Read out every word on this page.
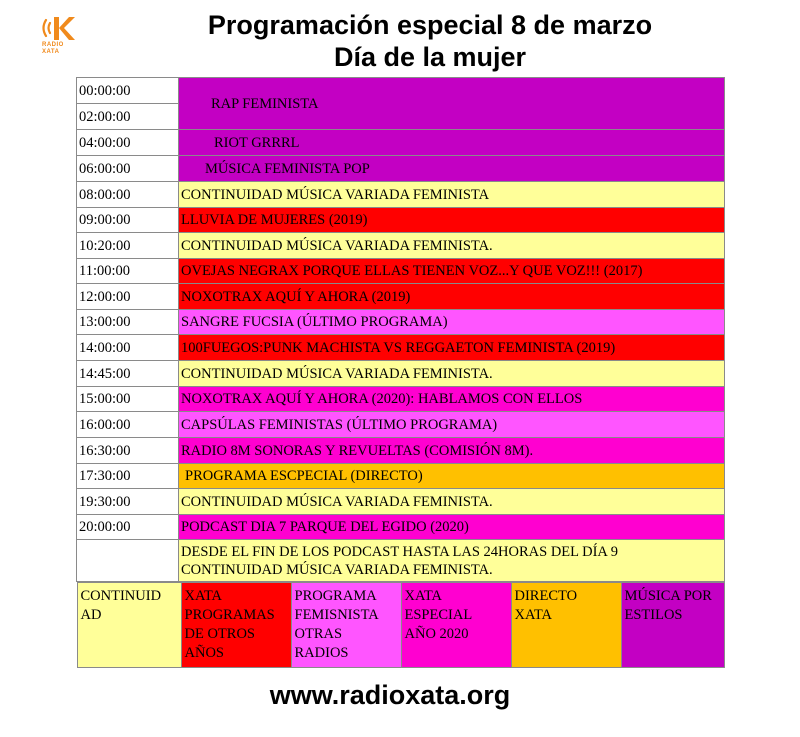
RADIO
XATA
Programación especial 8 de marzo
Día de la mujer
00:00:00	RAP FEMINISTA
02:00:00
04:00:00	RIOT GRRRL
06:00:00	MÚSICA FEMINISTA POP
08:00:00	CONTINUIDAD MÚSICA VARIADA FEMINISTA
09:00:00	LLUVIA DE MUJERES (2019)
10:20:00	CONTINUIDAD MÚSICA VARIADA FEMINISTA.
11:00:00	OVEJAS NEGRAX PORQUE ELLAS TIENEN VOZ...Y QUE VOZ!!! (2017)
12:00:00	NOXOTRAX AQUÍ Y AHORA (2019)
13:00:00	SANGRE FUCSIA (ÚLTIMO PROGRAMA)
14:00:00	100FUEGOS:PUNK MACHISTA VS REGGAETON FEMINISTA (2019)
14:45:00	CONTINUIDAD MÚSICA VARIADA FEMINISTA.
15:00:00	NOXOTRAX AQUÍ Y AHORA (2020): HABLAMOS CON ELLOS
16:00:00	CAPSÚLAS FEMINISTAS (ÚLTIMO PROGRAMA)
16:30:00	RADIO 8M SONORAS Y REVUELTAS (COMISIÓN 8M).
17:30:00	PROGRAMA ESCPECIAL (DIRECTO)
19:30:00	CONTINUIDAD MÚSICA VARIADA FEMINISTA.
20:00:00	PODCAST DIA 7 PARQUE DEL EGIDO (2020)

DESDE EL FIN DE LOS PODCAST HASTA LAS 24HORAS DEL DÍA 9
CONTINUIDAD MÚSICA VARIADA FEMINISTA.

CONTINUID
AD

XATA
PROGRAMAS
DE OTROS
AÑOS

PROGRAMA
FEMISNISTA
OTRAS
RADIOS

XATA
ESPECIAL
AÑO 2020

DIRECTO
XATA

MÚSICA POR
ESTILOS
www.radioxata.org
